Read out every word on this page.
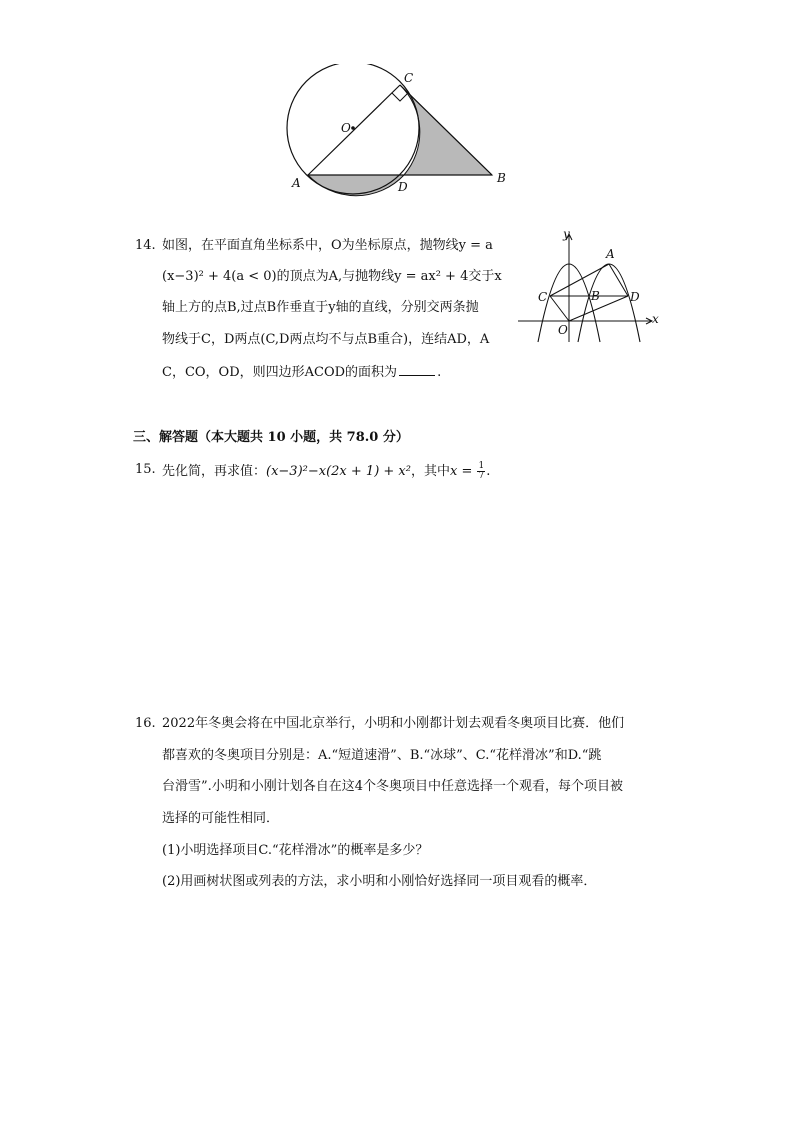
C
O
A	D
B
14. 如图，在平面直角坐标系中，O为坐标原点，抛物线y = a
(x−3)² + 4(a < 0)的顶点为A,与抛物线y = ax² + 4交于x
轴上方的点B,过点B作垂直于y轴的直线，分别交两条抛
物线于C，D两点(C,D两点均不与点B重合)，连结AD，A
C，CO，OD，则四边形ACOD的面积为	.
y
x
A
C	B	D
O
三、解答题（本大题共 10 小题，共 78.0 分）
15. 先化简，再求值：(x−3)²−x(2x + 1) + x²，其中$x = \frac{1}{7}$ .
16. 2022年冬奥会将在中国北京举行，小明和小刚都计划去观看冬奥项目比赛．他们
都喜欢的冬奥项目分别是：A.“短道速滑”、B.“冰球”、C.“花样滑冰”和D.“跳
台滑雪”.小明和小刚计划各自在这4个冬奥项目中任意选择一个观看，每个项目被
选择的可能性相同．
(1)小明选择项目C.“花样滑冰”的概率是多少？
(2)用画树状图或列表的方法，求小明和小刚恰好选择同一项目观看的概率．
